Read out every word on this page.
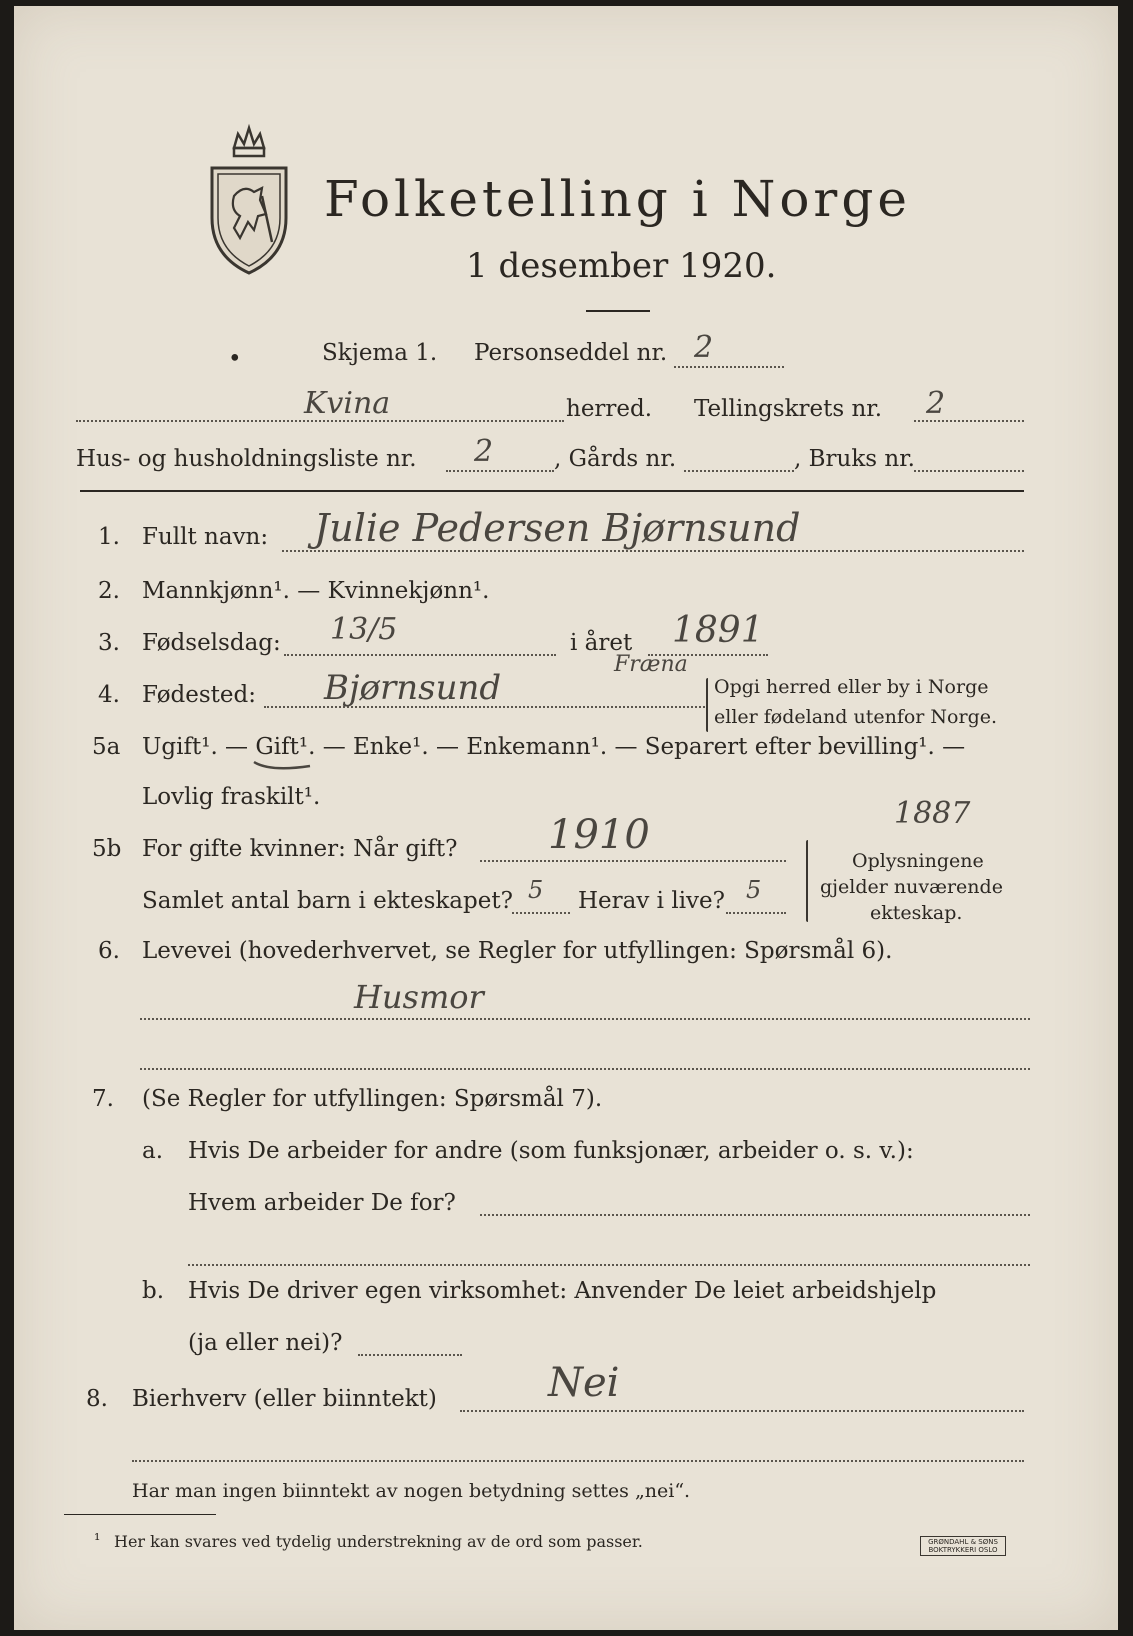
Folketelling i Norge
1 desember 1920.
•	Skjema 1. Personseddel nr. 2
Kvina	herred. Tellingskrets nr. 2
Hus- og husholdningsliste nr. 2	, Gårds nr.	, Bruks nr.
1. Fullt navn: Julie Pedersen Bjørnsund
2. Mannkjønn¹. — Kvinnekjønn¹.
3. Fødselsdag: 13/5	i året 1891
4. Fødested: Bjørnsund
Fræna
Opgi herred eller by i Norge
eller fødeland utenfor Norge.
5a Ugift¹. — Gift¹. — Enke¹. — Enkemann¹. — Separert efter bevilling¹. —
Lovlig fraskilt¹.
5b For gifte kvinner: Når gift? 1910	1887
Samlet antal barn i ekteskapet? 5 Herav i live? 5
Oplysningene
gjelder nuværende
ekteskap.
6. Levevei (hovederhvervet, se Regler for utfyllingen: Spørsmål 6).
Husmor
7. (Se Regler for utfyllingen: Spørsmål 7).
a. Hvis De arbeider for andre (som funksjonær, arbeider o. s. v.):
Hvem arbeider De for?
b. Hvis De driver egen virksomhet: Anvender De leiet arbeidshjelp
(ja eller nei)?
8. Bierhverv (eller biinntekt)	Nei
Har man ingen biinntekt av nogen betydning settes „nei“.
¹ Her kan svares ved tydelig understrekning av de ord som passer.	GRØNDAHL & SØNS BOKTRYKKERI OSLO
